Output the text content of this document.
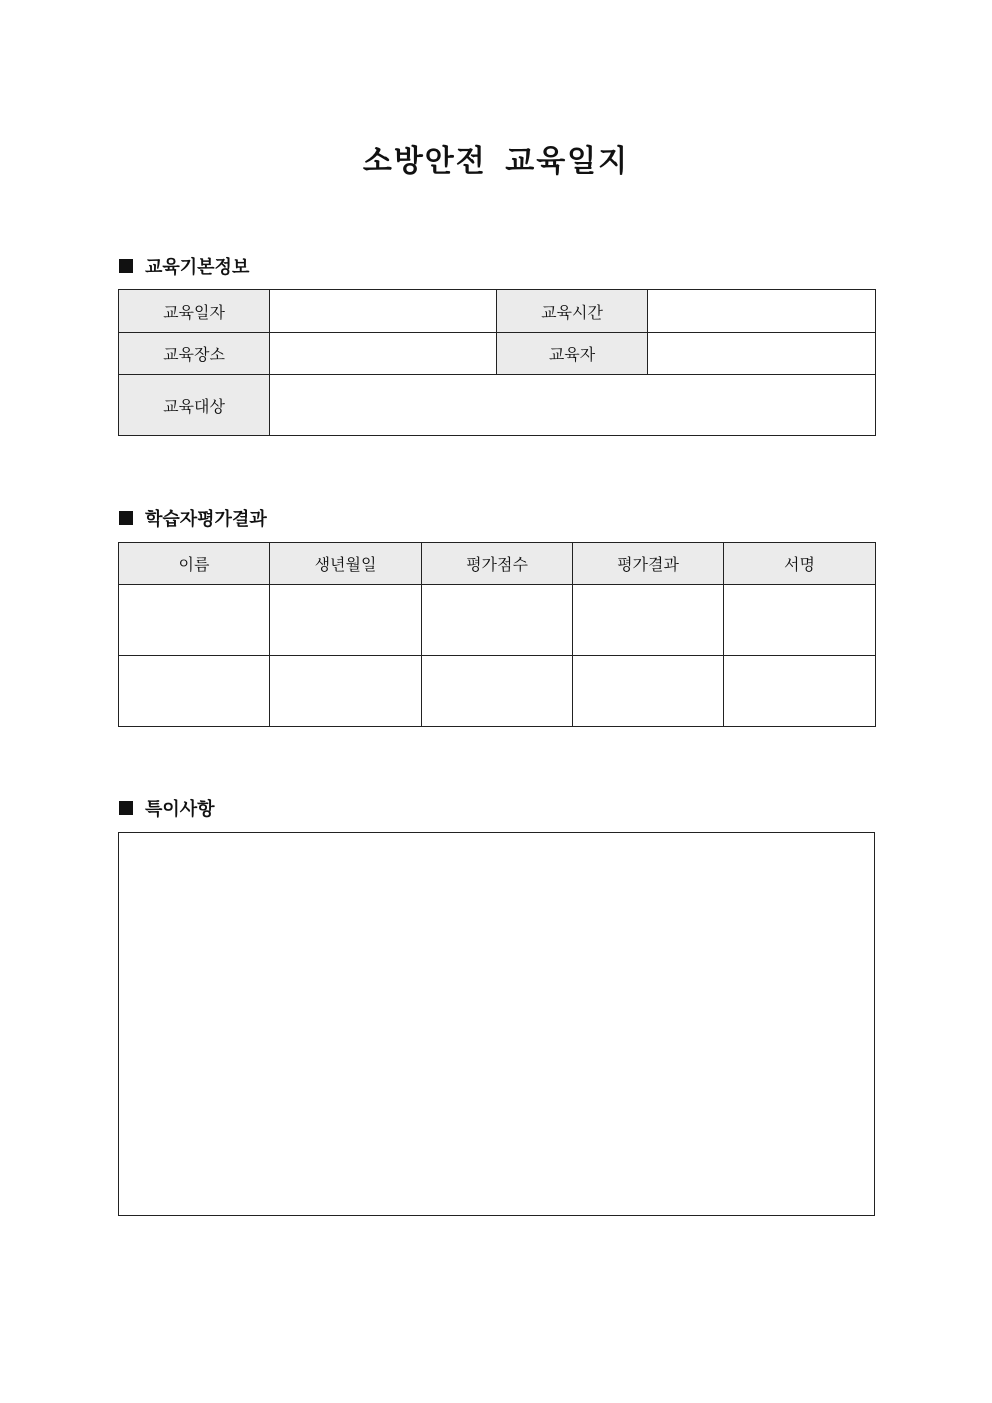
소방안전 교육일지
교육기본정보
교육일자		교육시간	
교육장소		교육자	
교육대상			
학습자평가결과
이름	생년월일	평가점수	평가결과	서명

특이사항
